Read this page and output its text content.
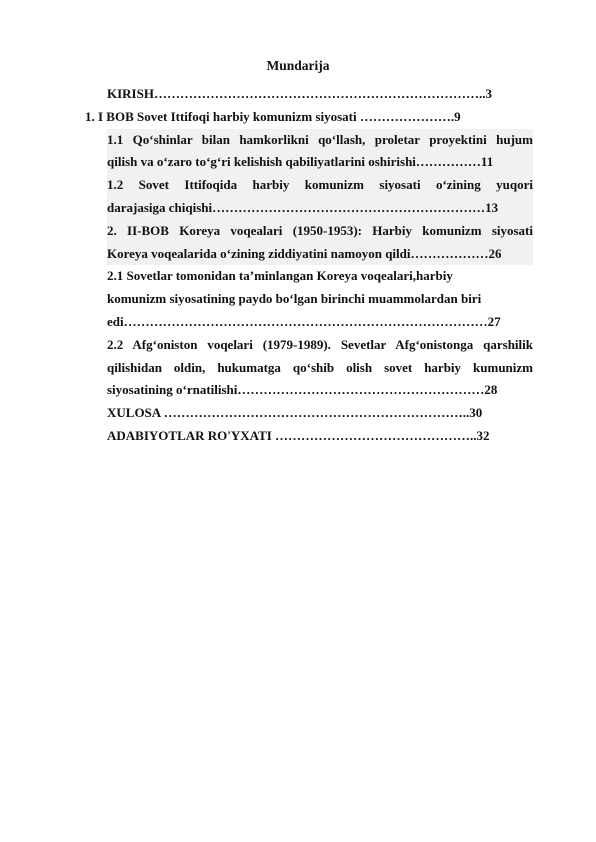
Mundarija
KIRISH…………………………………………………………………..3
1. I BOB Sovet Ittifoqi harbiy komunizm siyosati ………………….9
1.1 Qo‘shinlar bilan hamkorlikni qo‘llash, proletar proyektini hujum
qilish va o‘zaro to‘g‘ri kelishish qabiliyatlarini oshirishi……………11
1.2 Sovet Ittifoqida harbiy komunizm siyosati o‘zining yuqori
darajasiga chiqishi………………………………………………………13
2. II-BOB Koreya voqealari (1950-1953): Harbiy komunizm siyosati
Koreya voqealarida o‘zining ziddiyatini namoyon qildi………………26
2.1 Sovetlar tomonidan ta’minlangan Koreya voqealari,harbiy
komunizm siyosatining paydo bo‘lgan birinchi muammolardan biri
edi…………………………………………………………………………27
2.2 Afg‘oniston voqelari (1979-1989). Sevetlar Afg‘onistonga qarshilik
qilishidan oldin, hukumatga qo‘shib olish sovet harbiy kumunizm
siyosatining o‘rnatilishi…………………………………………………28
XULOSA ……………………………………………………………..30
ADABIYOTLAR RO'YXATI ………………………………………..32
